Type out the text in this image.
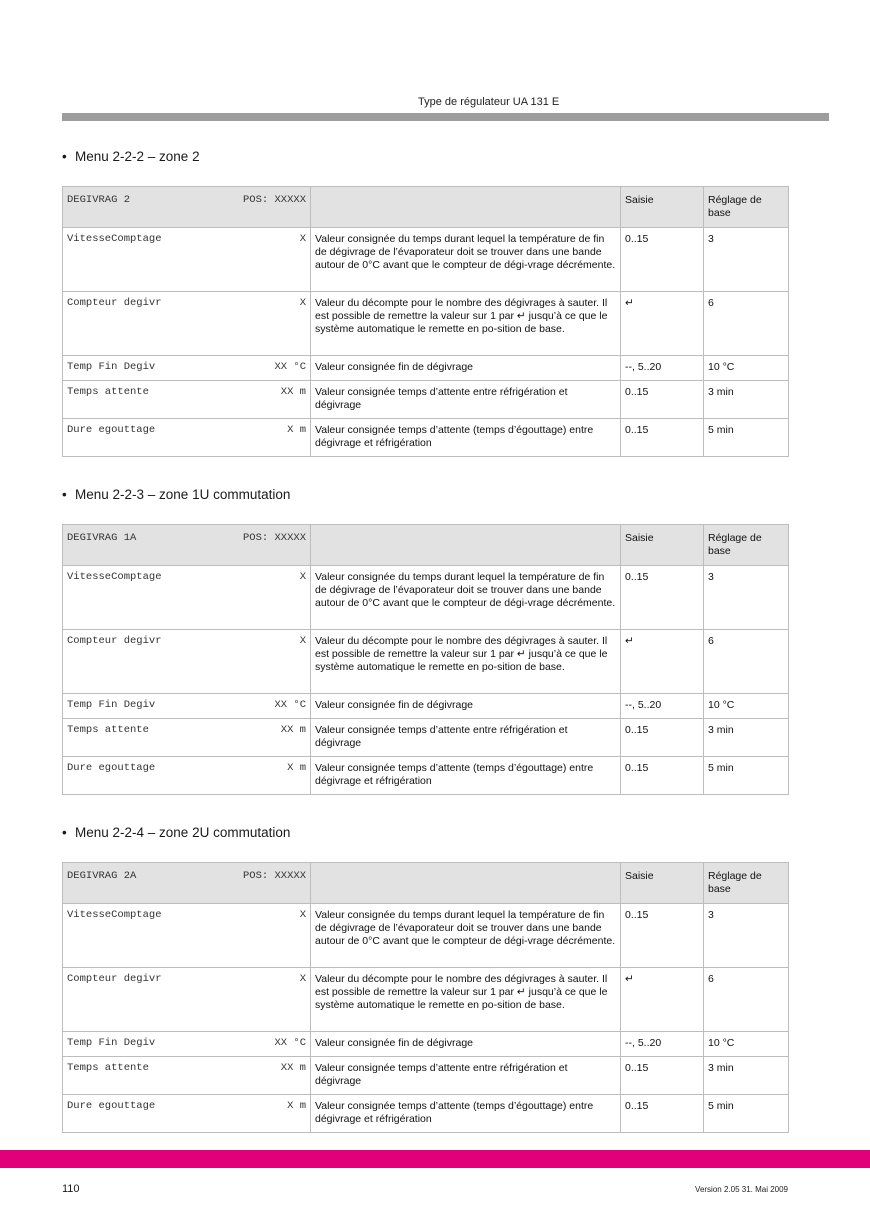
Type de régulateur UA 131 E

• Menu 2-2-2 – zone 2

DEGIVRAG 2 POS: XXXXX		Saisie	Réglage de base

VitesseComptage X	Valeur consignée du temps durant lequel la température de fin de dégivrage de l’évaporateur doit se trouver dans une bande autour de 0°C avant que le compteur de dégi-vrage décrémente.	0..15	3

Compteur degivr X	Valeur du décompte pour le nombre des dégivrages à sauter. Il est possible de remettre la valeur sur 1 par ↵ jusqu’à ce que le système automatique le remette en po-sition de base.	↵	6

Temp Fin Degiv XX °C	Valeur consignée fin de dégivrage	--, 5..20	10 °C

Temps attente XX m	Valeur consignée temps d’attente entre réfrigération et dégivrage	0..15	3 min

Dure egouttage X m	Valeur consignée temps d’attente (temps d’égouttage) entre dégivrage et réfrigération	0..15	5 min

• Menu 2-2-3 – zone 1U commutation

DEGIVRAG 1A POS: XXXXX		Saisie	Réglage de base

VitesseComptage X	Valeur consignée du temps durant lequel la température de fin de dégivrage de l’évaporateur doit se trouver dans une bande autour de 0°C avant que le compteur de dégi-vrage décrémente.	0..15	3

Compteur degivr X	Valeur du décompte pour le nombre des dégivrages à sauter. Il est possible de remettre la valeur sur 1 par ↵ jusqu’à ce que le système automatique le remette en po-sition de base.	↵	6

Temp Fin Degiv XX °C	Valeur consignée fin de dégivrage	--, 5..20	10 °C

Temps attente XX m	Valeur consignée temps d’attente entre réfrigération et dégivrage	0..15	3 min

Dure egouttage X m	Valeur consignée temps d’attente (temps d’égouttage) entre dégivrage et réfrigération	0..15	5 min

• Menu 2-2-4 – zone 2U commutation

DEGIVRAG 2A POS: XXXXX		Saisie	Réglage de base

VitesseComptage X	Valeur consignée du temps durant lequel la température de fin de dégivrage de l’évaporateur doit se trouver dans une bande autour de 0°C avant que le compteur de dégi-vrage décrémente.	0..15	3

Compteur degivr X	Valeur du décompte pour le nombre des dégivrages à sauter. Il est possible de remettre la valeur sur 1 par ↵ jusqu’à ce que le système automatique le remette en po-sition de base.	↵	6

Temp Fin Degiv XX °C	Valeur consignée fin de dégivrage	--, 5..20	10 °C

Temps attente XX m	Valeur consignée temps d’attente entre réfrigération et dégivrage	0..15	3 min

Dure egouttage X m	Valeur consignée temps d’attente (temps d’égouttage) entre dégivrage et réfrigération	0..15	5 min
110	Version 2.05 31. Mai 2009
